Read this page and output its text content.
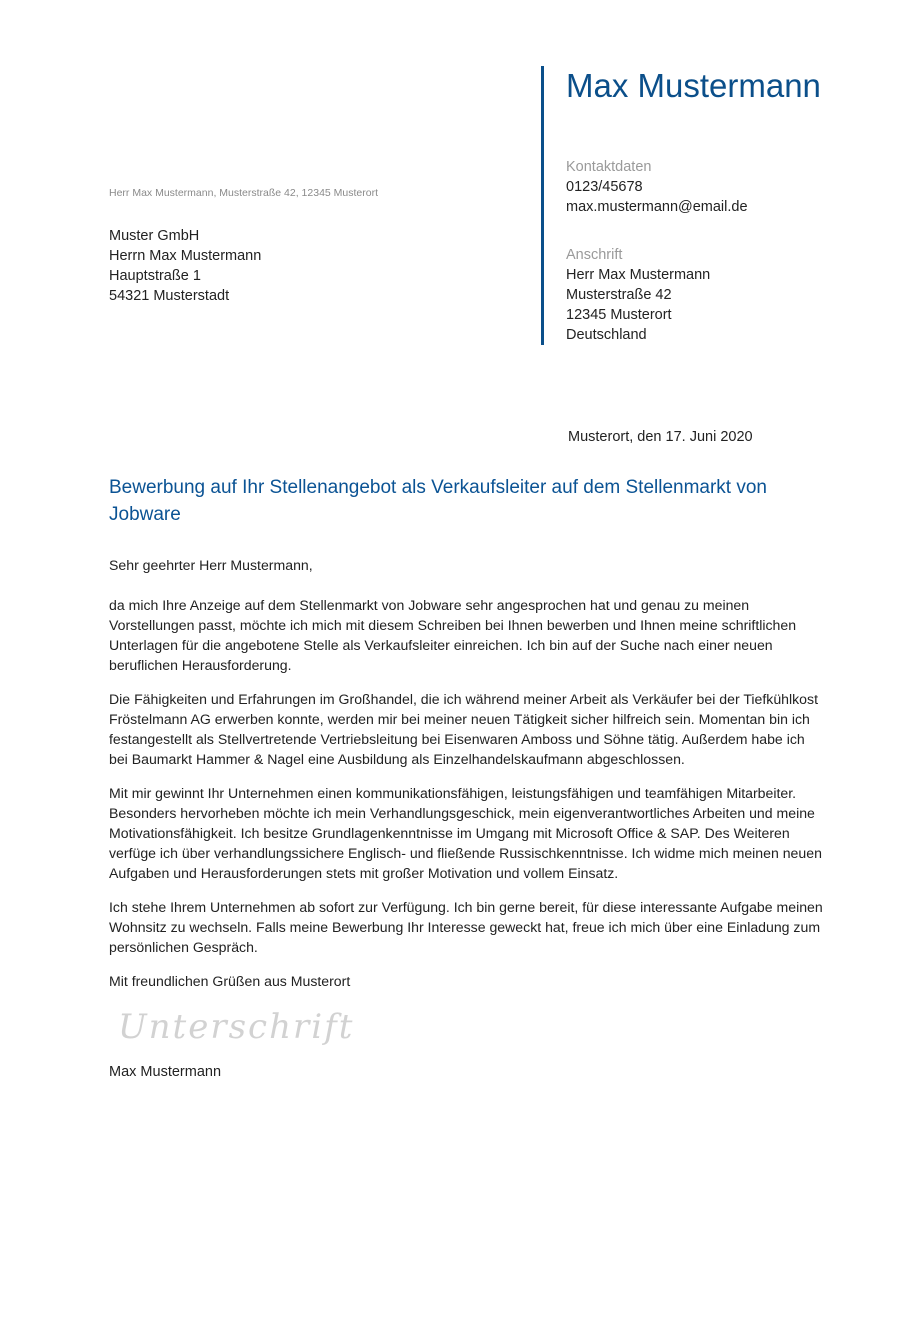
Max Mustermann
Kontaktdaten
0123/45678
max.mustermann@email.de
Anschrift
Herr Max Mustermann
Musterstraße 42
12345 Musterort
Deutschland
Herr Max Mustermann, Musterstraße 42, 12345 Musterort
Muster GmbH
Herrn Max Mustermann
Hauptstraße 1
54321 Musterstadt
Musterort, den 17. Juni 2020
Bewerbung auf Ihr Stellenangebot als Verkaufsleiter auf dem Stellenmarkt von Jobware

Sehr geehrter Herr Mustermann,

da mich Ihre Anzeige auf dem Stellenmarkt von Jobware sehr angesprochen hat und genau zu meinen Vorstellungen passt, möchte ich mich mit diesem Schreiben bei Ihnen bewerben und Ihnen meine schriftlichen Unterlagen für die angebotene Stelle als Verkaufsleiter einreichen. Ich bin auf der Suche nach einer neuen beruflichen Herausforderung.

Die Fähigkeiten und Erfahrungen im Großhandel, die ich während meiner Arbeit als Verkäufer bei der Tiefkühlkost Fröstelmann AG erwerben konnte, werden mir bei meiner neuen Tätigkeit sicher hilfreich sein. Momentan bin ich festangestellt als Stellvertretende Vertriebsleitung bei Eisenwaren Amboss und Söhne tätig. Außerdem habe ich bei Baumarkt Hammer & Nagel eine Ausbildung als Einzelhandelskaufmann abgeschlossen.

Mit mir gewinnt Ihr Unternehmen einen kommunikationsfähigen, leistungsfähigen und teamfähigen Mitarbeiter. Besonders hervorheben möchte ich mein Verhandlungsgeschick, mein eigenverantwortliches Arbeiten und meine Motivationsfähigkeit. Ich besitze Grundlagenkenntnisse im Umgang mit Microsoft Office & SAP. Des Weiteren verfüge ich über verhandlungssichere Englisch- und fließende Russischkenntnisse. Ich widme mich meinen neuen Aufgaben und Herausforderungen stets mit großer Motivation und vollem Einsatz.

Ich stehe Ihrem Unternehmen ab sofort zur Verfügung. Ich bin gerne bereit, für diese interessante Aufgabe meinen Wohnsitz zu wechseln. Falls meine Bewerbung Ihr Interesse geweckt hat, freue ich mich über eine Einladung zum persönlichen Gespräch.

Mit freundlichen Grüßen aus Musterort

Unterschrift
Max Mustermann
